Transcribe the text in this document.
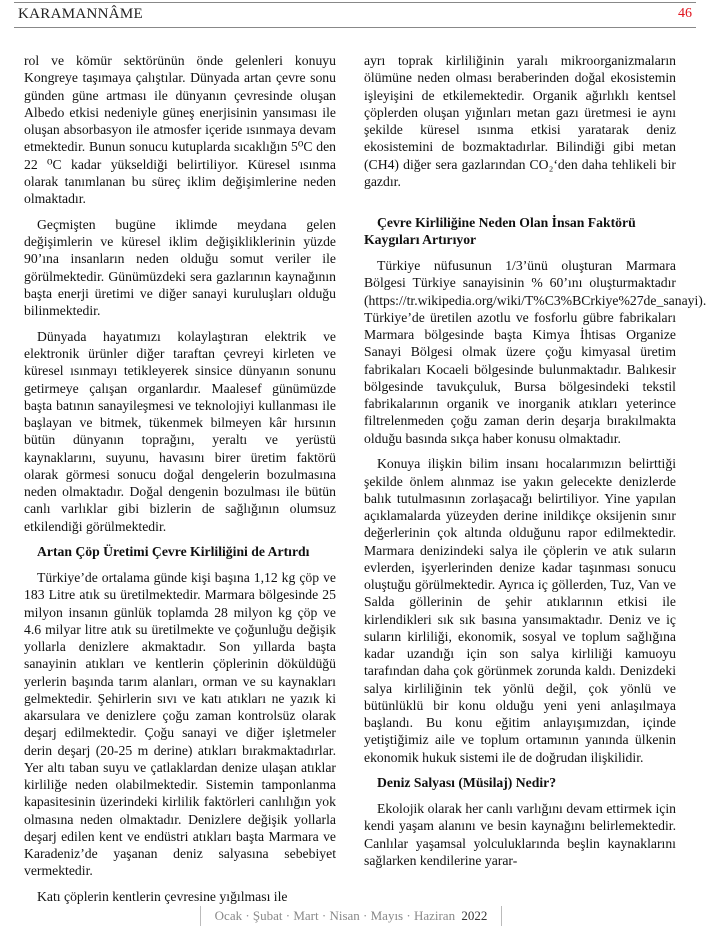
KARAMANNÂME	46

rol ve kömür sektörünün önde gelenleri konuyu Kongreye taşımaya çalıştılar. Dünyada artan çevre sonu günden güne artması ile dünyanın çevresinde oluşan Albedo etkisi nedeniyle güneş enerjisinin yansıması ile oluşan absorbasyon ile atmosfer içeride ısınmaya devam etmektedir. Bunun sonucu kutuplarda sıcaklığın 5⁰C den 22 ⁰C kadar yükseldiği belirtiliyor. Küresel ısınma olarak tanımlanan bu süreç iklim değişimlerine neden olmaktadır.

Geçmişten bugüne iklimde meydana gelen değişimlerin ve küresel iklim değişikliklerinin yüzde 90’ına insanların neden olduğu somut veriler ile görülmektedir. Günümüzdeki sera gazlarının kaynağının başta enerji üretimi ve diğer sanayi kuruluşları olduğu bilinmektedir.

Dünyada hayatımızı kolaylaştıran elektrik ve elektronik ürünler diğer taraftan çevreyi kirleten ve küresel ısınmayı tetikleyerek sinsice dünyanın sonunu getirmeye çalışan organlardır. Maalesef günümüzde başta batının sanayileşmesi ve teknolojiyi kullanması ile başlayan ve bitmek, tükenmek bilmeyen kâr hırsının bütün dünyanın toprağını, yeraltı ve yerüstü kaynaklarını, suyunu, havasını birer üretim faktörü olarak görmesi sonucu doğal dengelerin bozulmasına neden olmaktadır. Doğal dengenin bozulması ile bütün canlı varlıklar gibi bizlerin de sağlığının olumsuz etkilendiği görülmektedir.

Artan Çöp Üretimi Çevre Kirliliğini de Artırdı

Türkiye’de ortalama günde kişi başına 1,12 kg çöp ve 183 Litre atık su üretilmektedir. Marmara bölgesinde 25 milyon insanın günlük toplamda 28 milyon kg çöp ve 4.6 milyar litre atık su üretilmekte ve çoğunluğu değişik yollarla denizlere akmaktadır. Son yıllarda başta sanayinin atıkları ve kentlerin çöplerinin döküldüğü yerlerin başında tarım alanları, orman ve su kaynakları gelmektedir. Şehirlerin sıvı ve katı atıkları ne yazık ki akarsulara ve denizlere çoğu zaman kontrolsüz olarak deşarj edilmektedir. Çoğu sanayi ve diğer işletmeler derin deşarj (20-25 m derine) atıkları bırakmaktadırlar. Yer altı taban suyu ve çatlaklardan denize ulaşan atıklar kirliliğe neden olabilmektedir. Sistemin tamponlanma kapasitesinin üzerindeki kirlilik faktörleri canlılığın yok olmasına neden olmaktadır. Denizlere değişik yollarla deşarj edilen kent ve endüstri atıkları başta Marmara ve Karadeniz’de yaşanan deniz salyasına sebebiyet vermektedir.

Katı çöplerin kentlerin çevresine yığılması ile

ayrı toprak kirliliğinin yaralı mikroorganizmaların ölümüne neden olması beraberinden doğal ekosistemin işleyişini de etkilemektedir. Organik ağırlıklı kentsel çöplerden oluşan yığınları metan gazı üretmesi ie aynı şekilde küresel ısınma etkisi yaratarak deniz ekosistemini de bozmaktadırlar. Bilindiği gibi metan (CH4) diğer sera gazlarından CO₂‘den daha tehlikeli bir gazdır.

Çevre Kirliliğine Neden Olan İnsan Faktörü Kaygıları Artırıyor

Türkiye nüfusunun 1/3’ünü oluşturan Marmara Bölgesi Türkiye sanayisinin % 60’ını oluşturmaktadır (https://tr.wikipedia.org/wiki/T%C3%BCrkiye%27de_sanayi). Türkiye’de üretilen azotlu ve fosforlu gübre fabrikaları Marmara bölgesinde başta Kimya İhtisas Organize Sanayi Bölgesi olmak üzere çoğu kimyasal üretim fabrikaları Kocaeli bölgesinde bulunmaktadır. Balıkesir bölgesinde tavukçuluk, Bursa bölgesindeki tekstil fabrikalarının organik ve inorganik atıkları yeterince filtrelenmeden çoğu zaman derin deşarja bırakılmakta olduğu basında sıkça haber konusu olmaktadır.

Konuya ilişkin bilim insanı hocalarımızın belirttiği şekilde önlem alınmaz ise yakın gelecekte denizlerde balık tutulmasının zorlaşacağı belirtiliyor. Yine yapılan açıklamalarda yüzeyden derine inildikçe oksijenin sınır değerlerinin çok altında olduğunu rapor edilmektedir. Marmara denizindeki salya ile çöplerin ve atık suların evlerden, işyerlerinden denize kadar taşınması sonucu oluştuğu görülmektedir. Ayrıca iç göllerden, Tuz, Van ve Salda göllerinin de şehir atıklarının etkisi ile kirlendikleri sık sık basına yansımaktadır. Deniz ve iç suların kirliliği, ekonomik, sosyal ve toplum sağlığına kadar uzandığı için son salya kirliliği kamuoyu tarafından daha çok görünmek zorunda kaldı. Denizdeki salya kirliliğinin tek yönlü değil, çok yönlü ve bütünlüklü bir konu olduğu yeni yeni anlaşılmaya başlandı. Bu konu eğitim anlayışımızdan, içinde yetiştiğimiz aile ve toplum ortamının yanında ülkenin ekonomik hukuk sistemi ile de doğrudan ilişkilidir.

Deniz Salyası (Müsilaj) Nedir?

Ekolojik olarak her canlı varlığını devam ettirmek için kendi yaşam alanını ve besin kaynağını belirlemektedir. Canlılar yaşamsal yolculuklarında beşlin kaynaklarını sağlarken kendilerine yarar-

Ocak · Şubat · Mart · Nisan · Mayıs · Haziran 2022
